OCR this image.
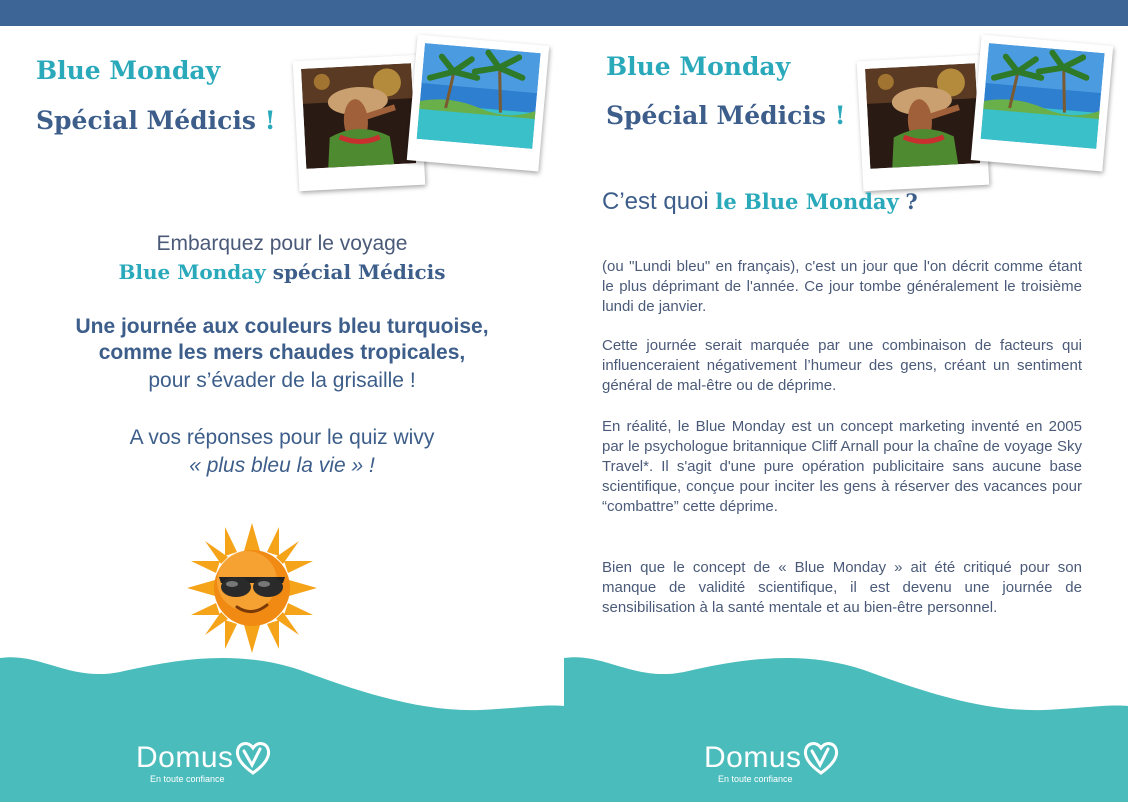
Blue Monday
Spécial Médicis !
Embarquez pour le voyage
Blue Monday spécial Médicis
Une journée aux couleurs bleu turquoise,
comme les mers chaudes tropicales,
pour s’évader de la grisaille !
A vos réponses pour le quiz wivy
« plus bleu la vie » !
Domus
En toute confiance
Blue Monday
Spécial Médicis !
C’est quoi le Blue Monday ?

(ou "Lundi bleu" en français), c'est un jour que l'on décrit comme étant le plus déprimant de l'année. Ce jour tombe généralement le troisième lundi de janvier.

Cette journée serait marquée par une combinaison de facteurs qui influenceraient négativement l’humeur des gens, créant un sentiment général de mal-être ou de déprime.

En réalité, le Blue Monday est un concept marketing inventé en 2005 par le psychologue britannique Cliff Arnall pour la chaîne de voyage Sky Travel*. Il s'agit d'une pure opération publicitaire sans aucune base scientifique, conçue pour inciter les gens à réserver des vacances pour “combattre” cette déprime.

Bien que le concept de « Blue Monday » ait été critiqué pour son manque de validité scientifique, il est devenu une journée de sensibilisation à la santé mentale et au bien-être personnel.

Domus
En toute confiance
